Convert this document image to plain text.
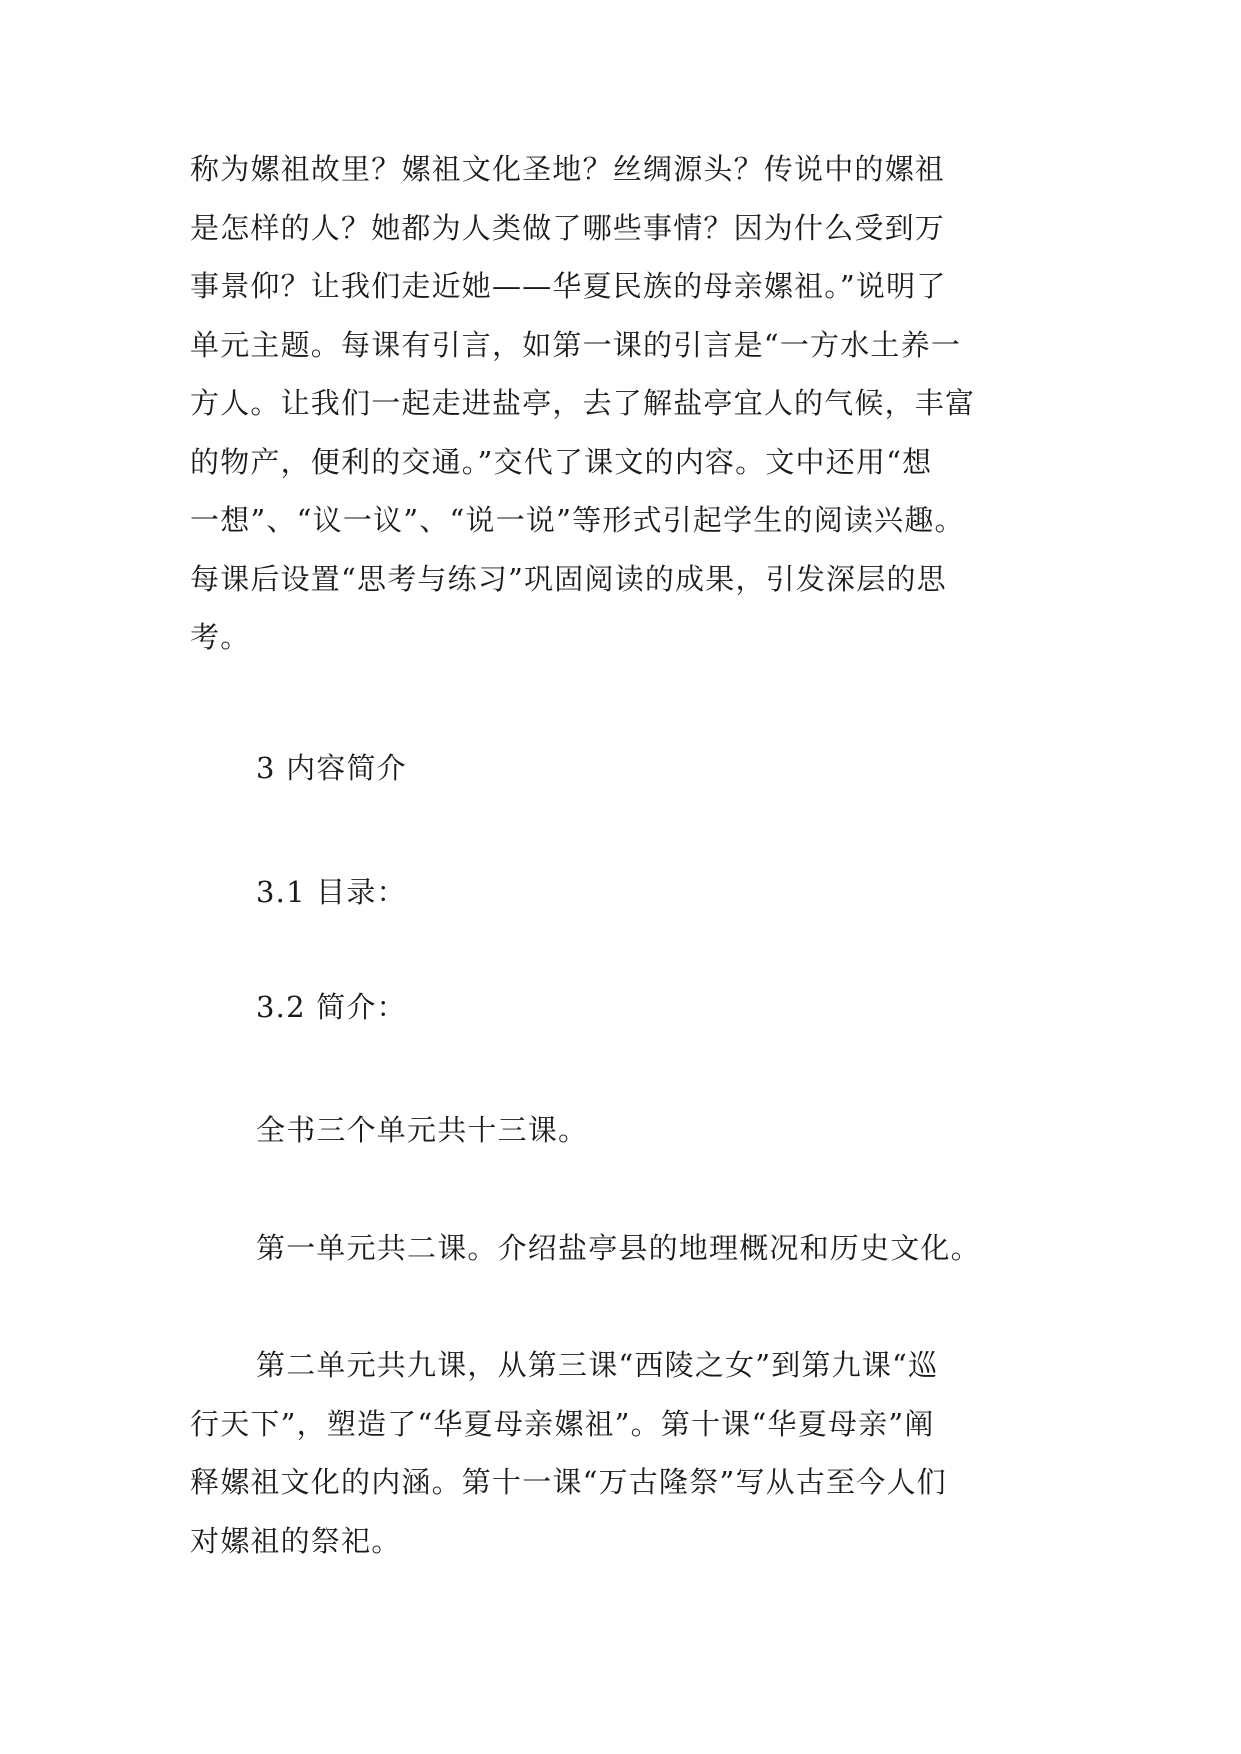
称为嫘祖故里？嫘祖文化圣地？丝绸源头？传说中的嫘祖
是怎样的人？她都为人类做了哪些事情？因为什么受到万
事景仰？让我们走近她——华夏民族的母亲嫘祖。”说明了
单元主题。每课有引言，如第一课的引言是“一方水土养一
方人。让我们一起走进盐亭，去了解盐亭宜人的气候，丰富
的物产，便利的交通。”交代了课文的内容。文中还用“想
一想”、“议一议”、“说一说”等形式引起学生的阅读兴趣。
每课后设置“思考与练习”巩固阅读的成果，引发深层的思
考。
3 内容简介
3.1 目录：
3.2 简介：
全书三个单元共十三课。
第一单元共二课。介绍盐亭县的地理概况和历史文化。
第二单元共九课，从第三课“西陵之女”到第九课“巡
行天下”，塑造了“华夏母亲嫘祖”。第十课“华夏母亲”阐
释嫘祖文化的内涵。第十一课“万古隆祭”写从古至今人们
对嫘祖的祭祀。
